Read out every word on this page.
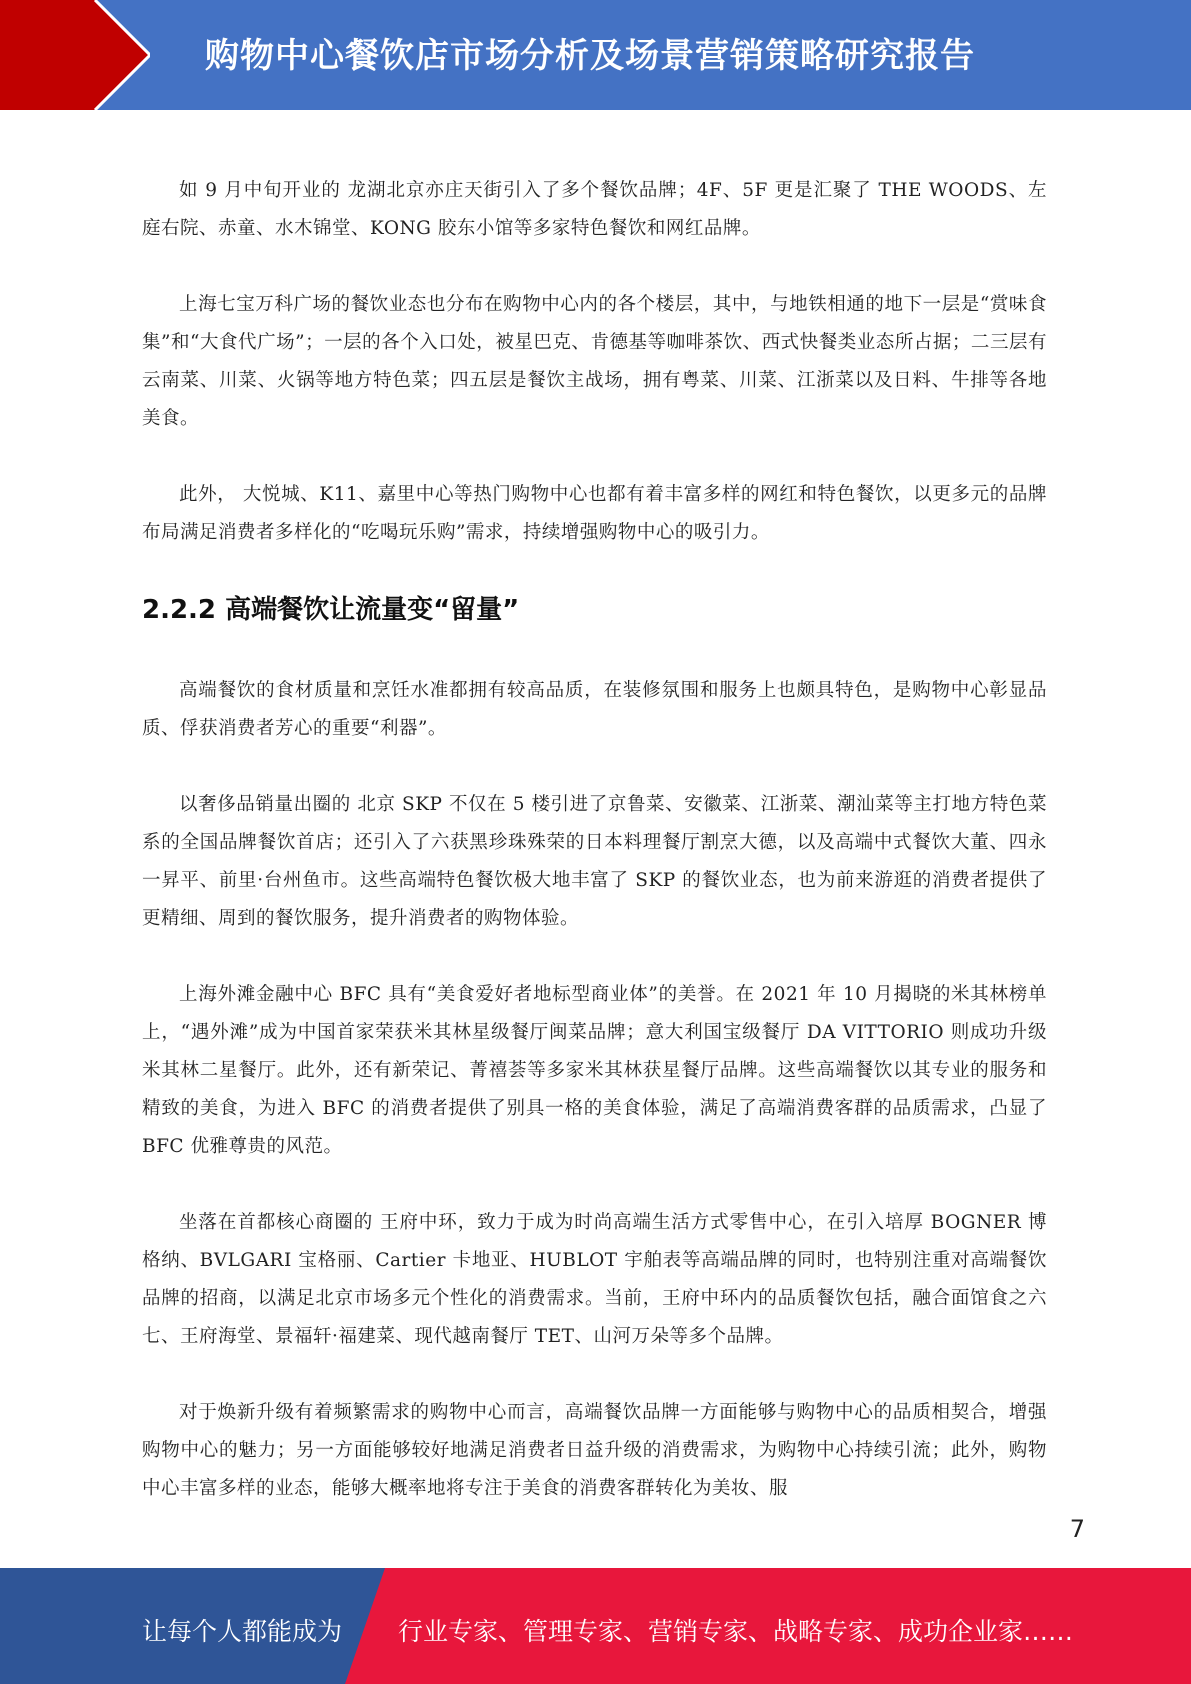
购物中心餐饮店市场分析及场景营销策略研究报告

如 9 月中旬开业的 龙湖北京亦庄天街引入了多个餐饮品牌；4F、5F 更是汇聚了 THE WOODS、左庭右院、赤童、水木锦堂、KONG 胶东小馆等多家特色餐饮和网红品牌。

上海七宝万科广场的餐饮业态也分布在购物中心内的各个楼层，其中，与地铁相通的地下一层是“赏味食集”和“大食代广场”；一层的各个入口处，被星巴克、肯德基等咖啡茶饮、西式快餐类业态所占据；二三层有云南菜、川菜、火锅等地方特色菜；四五层是餐饮主战场，拥有粤菜、川菜、江浙菜以及日料、牛排等各地美食。

此外， 大悦城、K11、嘉里中心等热门购物中心也都有着丰富多样的网红和特色餐饮，以更多元的品牌布局满足消费者多样化的“吃喝玩乐购”需求，持续增强购物中心的吸引力。

2.2.2 高端餐饮让流量变“留量”

高端餐饮的食材质量和烹饪水准都拥有较高品质，在装修氛围和服务上也颇具特色，是购物中心彰显品质、俘获消费者芳心的重要“利器”。

以奢侈品销量出圈的 北京 SKP 不仅在 5 楼引进了京鲁菜、安徽菜、江浙菜、潮汕菜等主打地方特色菜系的全国品牌餐饮首店；还引入了六获黑珍珠殊荣的日本料理餐厅割烹大德，以及高端中式餐饮大董、四永一昇平、前里·台州鱼市。这些高端特色餐饮极大地丰富了 SKP 的餐饮业态，也为前来游逛的消费者提供了更精细、周到的餐饮服务，提升消费者的购物体验。

上海外滩金融中心 BFC 具有“美食爱好者地标型商业体”的美誉。在 2021 年 10 月揭晓的米其林榜单上，“遇外滩”成为中国首家荣获米其林星级餐厅闽菜品牌；意大利国宝级餐厅 DA VITTORIO 则成功升级米其林二星餐厅。此外，还有新荣记、菁禧荟等多家米其林获星餐厅品牌。这些高端餐饮以其专业的服务和精致的美食，为进入 BFC 的消费者提供了别具一格的美食体验，满足了高端消费客群的品质需求，凸显了 BFC 优雅尊贵的风范。

坐落在首都核心商圈的 王府中环，致力于成为时尚高端生活方式零售中心，在引入培厚 BOGNER 博格纳、BVLGARI 宝格丽、Cartier 卡地亚、HUBLOT 宇舶表等高端品牌的同时，也特别注重对高端餐饮品牌的招商，以满足北京市场多元个性化的消费需求。当前，王府中环内的品质餐饮包括，融合面馆食之六七、王府海堂、景福轩·福建菜、现代越南餐厅 TET、山河万朵等多个品牌。

对于焕新升级有着频繁需求的购物中心而言，高端餐饮品牌一方面能够与购物中心的品质相契合，增强购物中心的魅力；另一方面能够较好地满足消费者日益升级的消费需求，为购物中心持续引流；此外，购物中心丰富多样的业态，能够大概率地将专注于美食的消费客群转化为美妆、服

7
让每个人都能成为 行业专家、管理专家、营销专家、战略专家、成功企业家……
